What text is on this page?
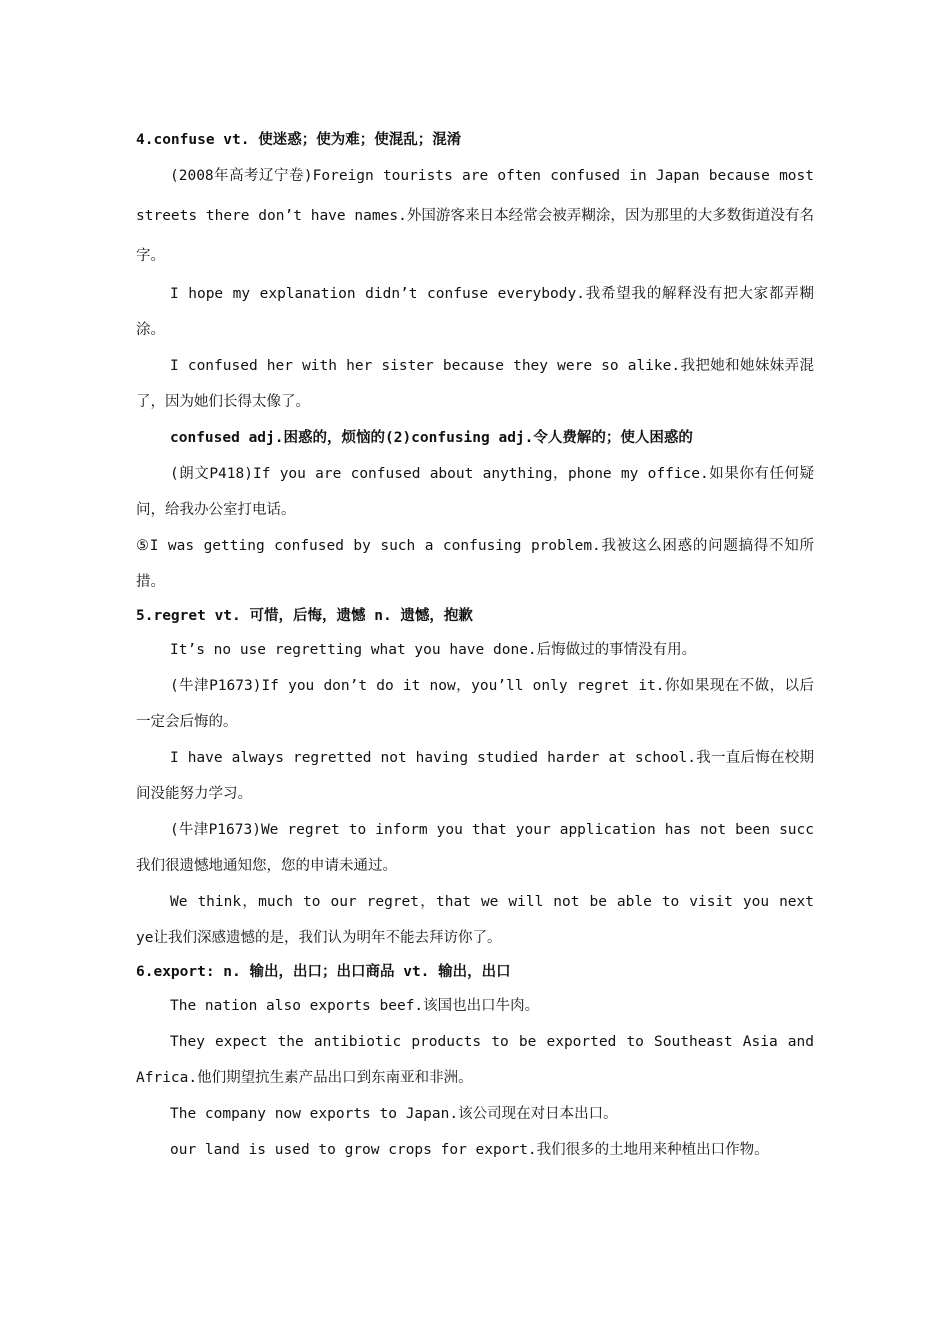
4.confuse vt. 使迷惑；使为难；使混乱；混淆

(2008年高考辽宁卷)Foreign tourists are often confused in Japan because most streets there don’t have names.外国游客来日本经常会被弄糊涂，因为那里的大多数街道没有名字。

I hope my explanation didn’t confuse everybody.我希望我的解释没有把大家都弄糊涂。

I confused her with her sister because they were so alike.我把她和她妹妹弄混了，因为她们长得太像了。

confused adj.困惑的，烦恼的(2)confusing adj.令人费解的；使人困惑的

(朗文P418)If you are confused about anything，phone my office.如果你有任何疑问，给我办公室打电话。

⑤I was getting confused by such a confusing problem.我被这么困惑的问题搞得不知所措。

5.regret vt. 可惜，后悔，遗憾 n. 遗憾，抱歉

It’s no use regretting what you have done.后悔做过的事情没有用。

(牛津P1673)If you don’t do it now，you’ll only regret it.你如果现在不做，以后一定会后悔的。

I have always regretted not having studied harder at school.我一直后悔在校期间没能努力学习。

(牛津P1673)We regret to inform you that your application has not been succ我们很遗憾地通知您，您的申请未通过。

We think，much to our regret，that we will not be able to visit you next ye让我们深感遗憾的是，我们认为明年不能去拜访你了。

6.export: n. 输出，出口；出口商品 vt. 输出，出口

The nation also exports beef.该国也出口牛肉。

They expect the antibiotic products to be exported to Southeast Asia and Africa.他们期望抗生素产品出口到东南亚和非洲。

The company now exports to Japan.该公司现在对日本出口。

our land is used to grow crops for export.我们很多的土地用来种植出口作物。
